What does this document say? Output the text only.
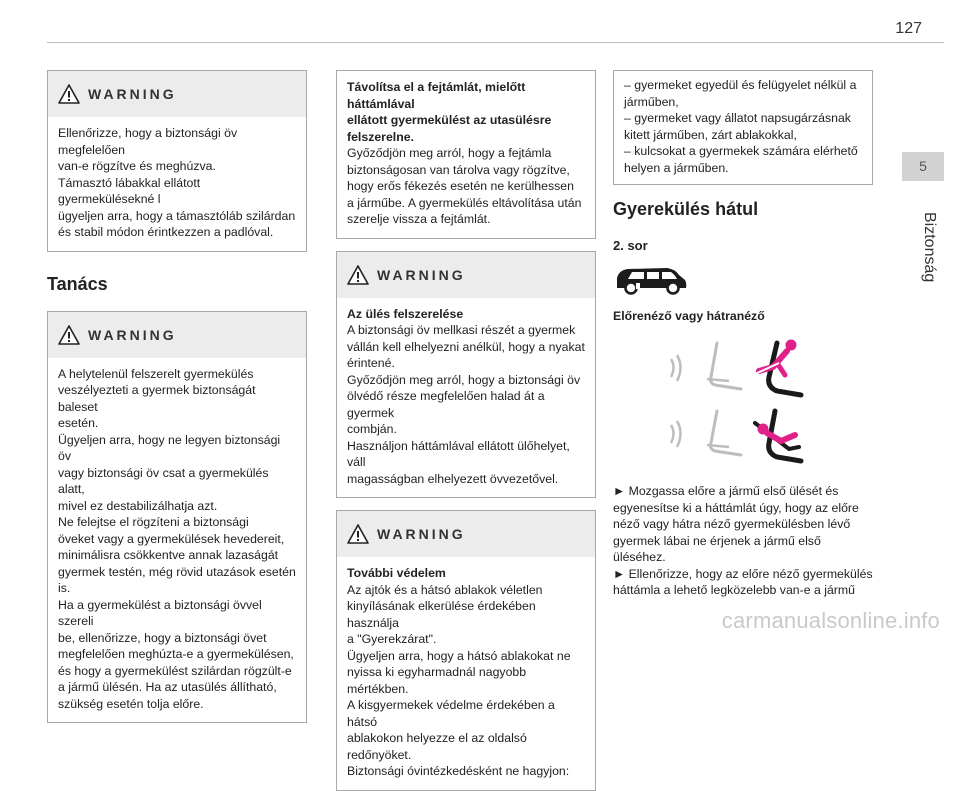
127
5
Biztonság
WARNING
Ellenőrizze, hogy a biztonsági öv megfelelően
van-e rögzítve és meghúzva.
Támasztó lábakkal ellátott gyermekülésekné l
ügyeljen arra, hogy a támasztóláb szilárdan
és stabil módon érintkezzen a padlóval.
Tanács
WARNING
A helytelenül felszerelt gyermekülés
veszélyezteti a gyermek biztonságát baleset
esetén.
Ügyeljen arra, hogy ne legyen biztonsági öv
vagy biztonsági öv csat a gyermekülés alatt,
mivel ez destabilizálhatja azt.
Ne felejtse el rögzíteni a biztonsági
öveket vagy a gyermekülések hevedereit,
minimálisra csökkentve annak lazaságát
gyermek testén, még rövid utazások esetén
is.
Ha a gyermekülést a biztonsági övvel szereli
be, ellenőrizze, hogy a biztonsági övet
megfelelően meghúzta-e a gyermekülésen,
és hogy a gyermekülést szilárdan rögzült-e
a jármű ülésén. Ha az utasülés állítható,
szükség esetén tolja előre.
Távolítsa el a fejtámlát, mielőtt háttámlával
ellátott gyermekülést az utasülésre
felszerelne.
Győződjön meg arról, hogy a fejtámla
biztonságosan van tárolva vagy rögzítve,
hogy erős fékezés esetén ne kerülhessen
a járműbe. A gyermekülés eltávolítása után
szerelje vissza a fejtámlát.
WARNING
Az ülés felszerelése
A biztonsági öv mellkasi részét a gyermek
vállán kell elhelyezni anélkül, hogy a nyakat
érintené.
Győződjön meg arról, hogy a biztonsági öv
ölvédő része megfelelően halad át a gyermek
combján.
Használjon háttámlával ellátott ülőhelyet, váll
magasságban elhelyezett övvezetővel.
WARNING
További védelem
Az ajtók és a hátsó ablakok véletlen
kinyílásának elkerülése érdekében használja
a "Gyerekzárat".
Ügyeljen arra, hogy a hátsó ablakokat ne
nyissa ki egyharmadnál nagyobb mértékben.
A kisgyermekek védelme érdekében a hátsó
ablakokon helyezze el az oldalsó redőnyöket.
Biztonsági óvintézkedésként ne hagyjon:
– gyermeket egyedül és felügyelet nélkül a
járműben,
– gyermeket vagy állatot napsugárzásnak
kitett járműben, zárt ablakokkal,
– kulcsokat a gyermekek számára elérhető
helyen a járműben.
Gyerekülés hátul
2. sor
Előrenéző vagy hátranéző
► Mozgassa előre a jármű első ülését és
egyenesítse ki a háttámlát úgy, hogy az előre
néző vagy hátra néző gyermekülésben lévő
gyermek lábai ne érjenek a jármű első üléséhez.
► Ellenőrizze, hogy az előre néző gyermekülés
háttámla a lehető legközelebb van-e a jármű
carmanualsonline.info
